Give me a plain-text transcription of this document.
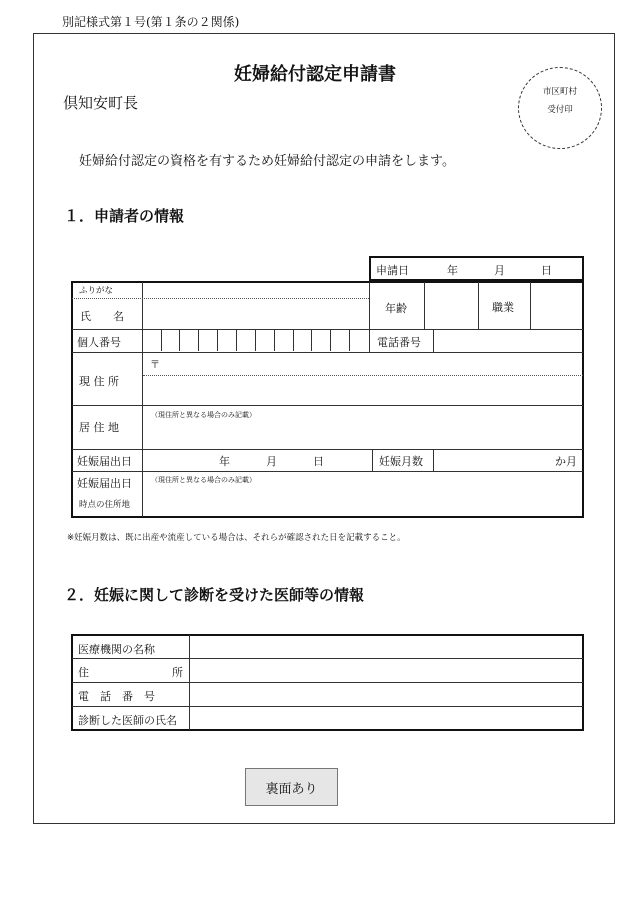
別記様式第１号(第１条の２関係)
妊婦給付認定申請書
倶知安町長
市区町村
受付印
妊婦給付認定の資格を有するため妊婦給付認定の申請をします。
１．申請者の情報
申請日	年	月	日
ふりがな
氏　　名
年齢	職業
個人番号	電話番号
現 住 所
〒
居 住 地
（現住所と異なる場合のみ記載）
妊娠届出日	年	月	日	妊娠月数	か月
妊娠届出日
時点の住所地
（現住所と異なる場合のみ記載）
※妊娠月数は、既に出産や流産している場合は、それらが確認された日を記載すること。
２．妊娠に関して診断を受けた医師等の情報
医療機関の名称
住	所
電　話　番　号
診断した医師の氏名
裏面あり
